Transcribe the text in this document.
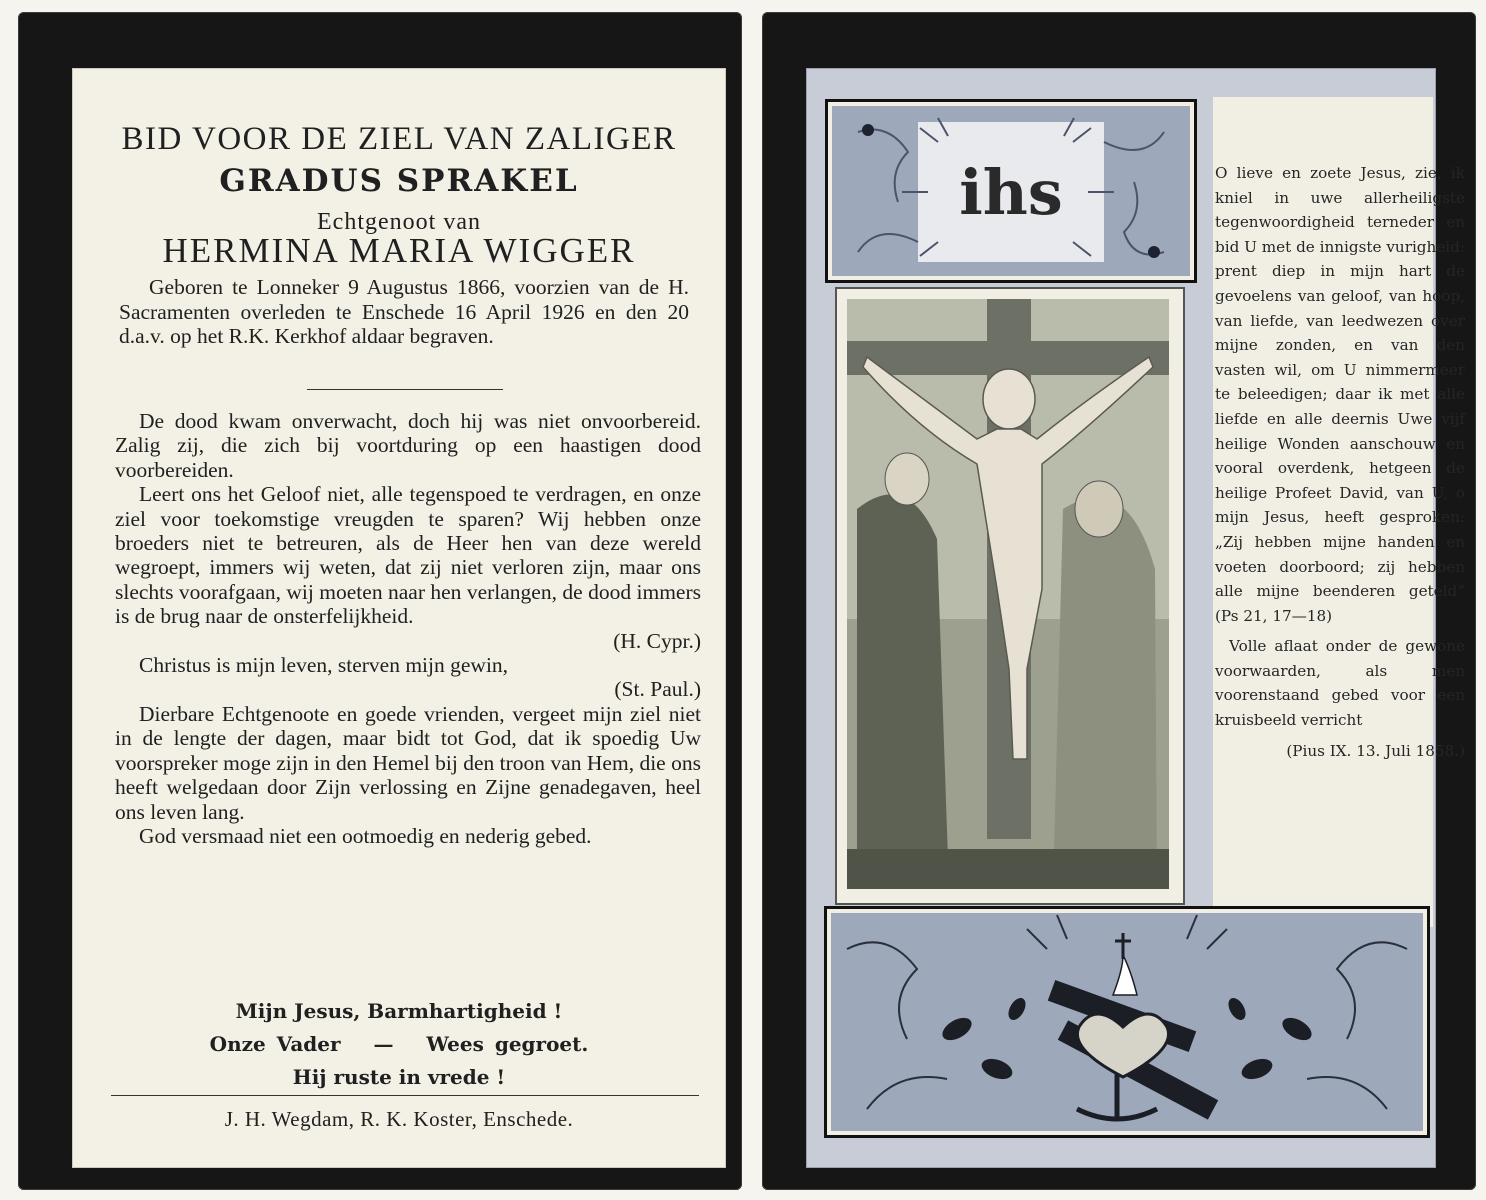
BID VOOR DE ZIEL VAN ZALIGER
GRADUS SPRAKEL
Echtgenoot van
HERMINA MARIA WIGGER
Geboren te Lonneker 9 Augustus 1866, voorzien van de H. Sacramenten overleden te Enschede 16 April 1926 en den 20 d.a.v. op het R.K. Kerkhof aldaar begraven.

De dood kwam onverwacht, doch hij was niet onvoorbereid. Zalig zij, die zich bij voortduring op een haastigen dood voorbereiden.

Leert ons het Geloof niet, alle tegenspoed te verdragen, en onze ziel voor toekomstige vreugden te sparen? Wij hebben onze broeders niet te betreuren, als de Heer hen van deze wereld wegroept, immers wij weten, dat zij niet verloren zijn, maar ons slechts voorafgaan, wij moeten naar hen verlangen, de dood immers is de brug naar de onsterfelijkheid.

(H. Cypr.)

Christus is mijn leven, sterven mijn gewin,

(St. Paul.)

Dierbare Echtgenoote en goede vrienden, vergeet mijn ziel niet in de lengte der dagen, maar bidt tot God, dat ik spoedig Uw voorspreker moge zijn in den Hemel bij den troon van Hem, die ons heeft welgedaan door Zijn verlossing en Zijne genadegaven, heel ons leven lang.

God versmaad niet een ootmoedig en nederig gebed.

Mijn Jesus, Barmhartigheid !
Onze Vader — Wees gegroet.
Hij ruste in vrede !
J. H. Wegdam, R. K. Koster, Enschede.
ihs	O lieve en zoete Jesus, zie, ik kniel in uwe allerheiligste tegenwoordigheid terneder en bid U met de innigste vurigheid: prent diep in mijn hart de gevoelens van geloof, van hoop, van liefde, van leedwezen over mijne zonden, en van den vasten wil, om U nimmermeer te beleedigen; daar ik met alle liefde en alle deernis Uwe vijf heilige Wonden aanschouw en vooral overdenk, hetgeen de heilige Profeet David, van U, o mijn Jesus, heeft gesproken: „Zij hebben mijne handen en voeten doorboord; zij hebben alle mijne beenderen geteld“ (Ps 21, 17—18)

Volle aflaat onder de gewone voorwaarden, als men voorenstaand gebed voor een kruisbeeld verricht

(Pius IX. 13. Juli 1858.)
